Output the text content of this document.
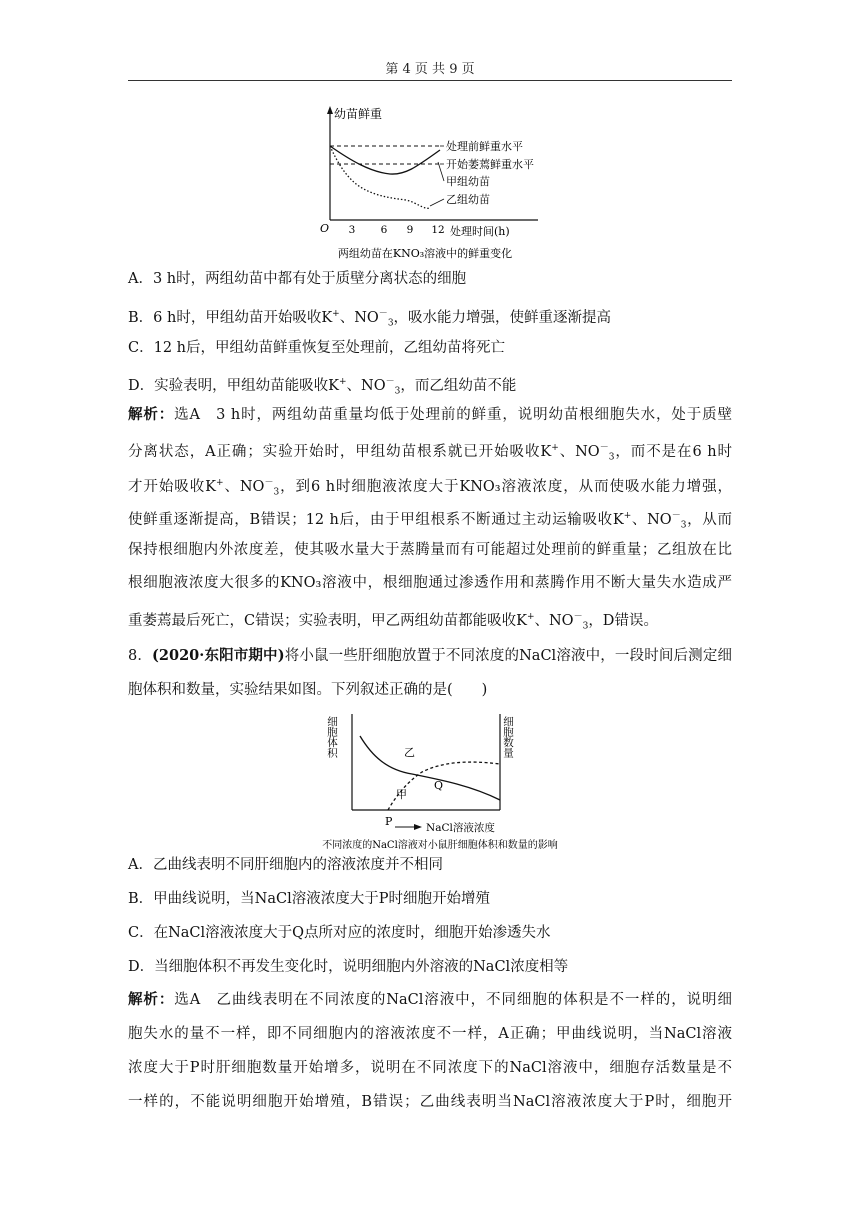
第 4 页 共 9 页
幼苗鲜重
O 3 6 9 12 处理时间(h)
处理前鲜重水平
开始萎蔫鲜重水平
甲组幼苗
乙组幼苗
两组幼苗在KNO₃溶液中的鲜重变化
A．3 h时，两组幼苗中都有处于质壁分离状态的细胞
B．6 h时，甲组幼苗开始吸收K+、$NO^-_3$，吸水能力增强，使鲜重逐渐提高
C．12 h后，甲组幼苗鲜重恢复至处理前，乙组幼苗将死亡
D．实验表明，甲组幼苗能吸收K+、$NO^-_3$，而乙组幼苗不能
解析：选A　3 h时，两组幼苗重量均低于处理前的鲜重，说明幼苗根细胞失水，处于质壁
分离状态，A正确；实验开始时，甲组幼苗根系就已开始吸收K+、$NO^-_3$，而不是在6 h时
才开始吸收K+、$NO^-_3$，到6 h时细胞液浓度大于KNO₃溶液浓度，从而使吸水能力增强，
使鲜重逐渐提高，B错误；12 h后，由于甲组根系不断通过主动运输吸收K+、$NO^-_3$，从而
保持根细胞内外浓度差，使其吸水量大于蒸腾量而有可能超过处理前的鲜重量；乙组放在比
根细胞液浓度大很多的KNO₃溶液中，根细胞通过渗透作用和蒸腾作用不断大量失水造成严
重萎蔫最后死亡，C错误；实验表明，甲乙两组幼苗都能吸收K+、$NO^-_3$，D错误。
8．(2020·东阳市期中)将小鼠一些肝细胞放置于不同浓度的NaCl溶液中，一段时间后测定细
胞体积和数量，实验结果如图。下列叙述正确的是(　　)
细胞体积	细胞数量
乙
甲
Q
P	NaCl溶液浓度
不同浓度的NaCl溶液对小鼠肝细胞体积和数量的影响
A．乙曲线表明不同肝细胞内的溶液浓度并不相同
B．甲曲线说明，当NaCl溶液浓度大于P时细胞开始增殖
C．在NaCl溶液浓度大于Q点所对应的浓度时，细胞开始渗透失水
D．当细胞体积不再发生变化时，说明细胞内外溶液的NaCl浓度相等
解析：选A　乙曲线表明在不同浓度的NaCl溶液中，不同细胞的体积是不一样的，说明细
胞失水的量不一样，即不同细胞内的溶液浓度不一样，A正确；甲曲线说明，当NaCl溶液
浓度大于P时肝细胞数量开始增多，说明在不同浓度下的NaCl溶液中，细胞存活数量是不
一样的，不能说明细胞开始增殖，B错误；乙曲线表明当NaCl溶液浓度大于P时，细胞开
